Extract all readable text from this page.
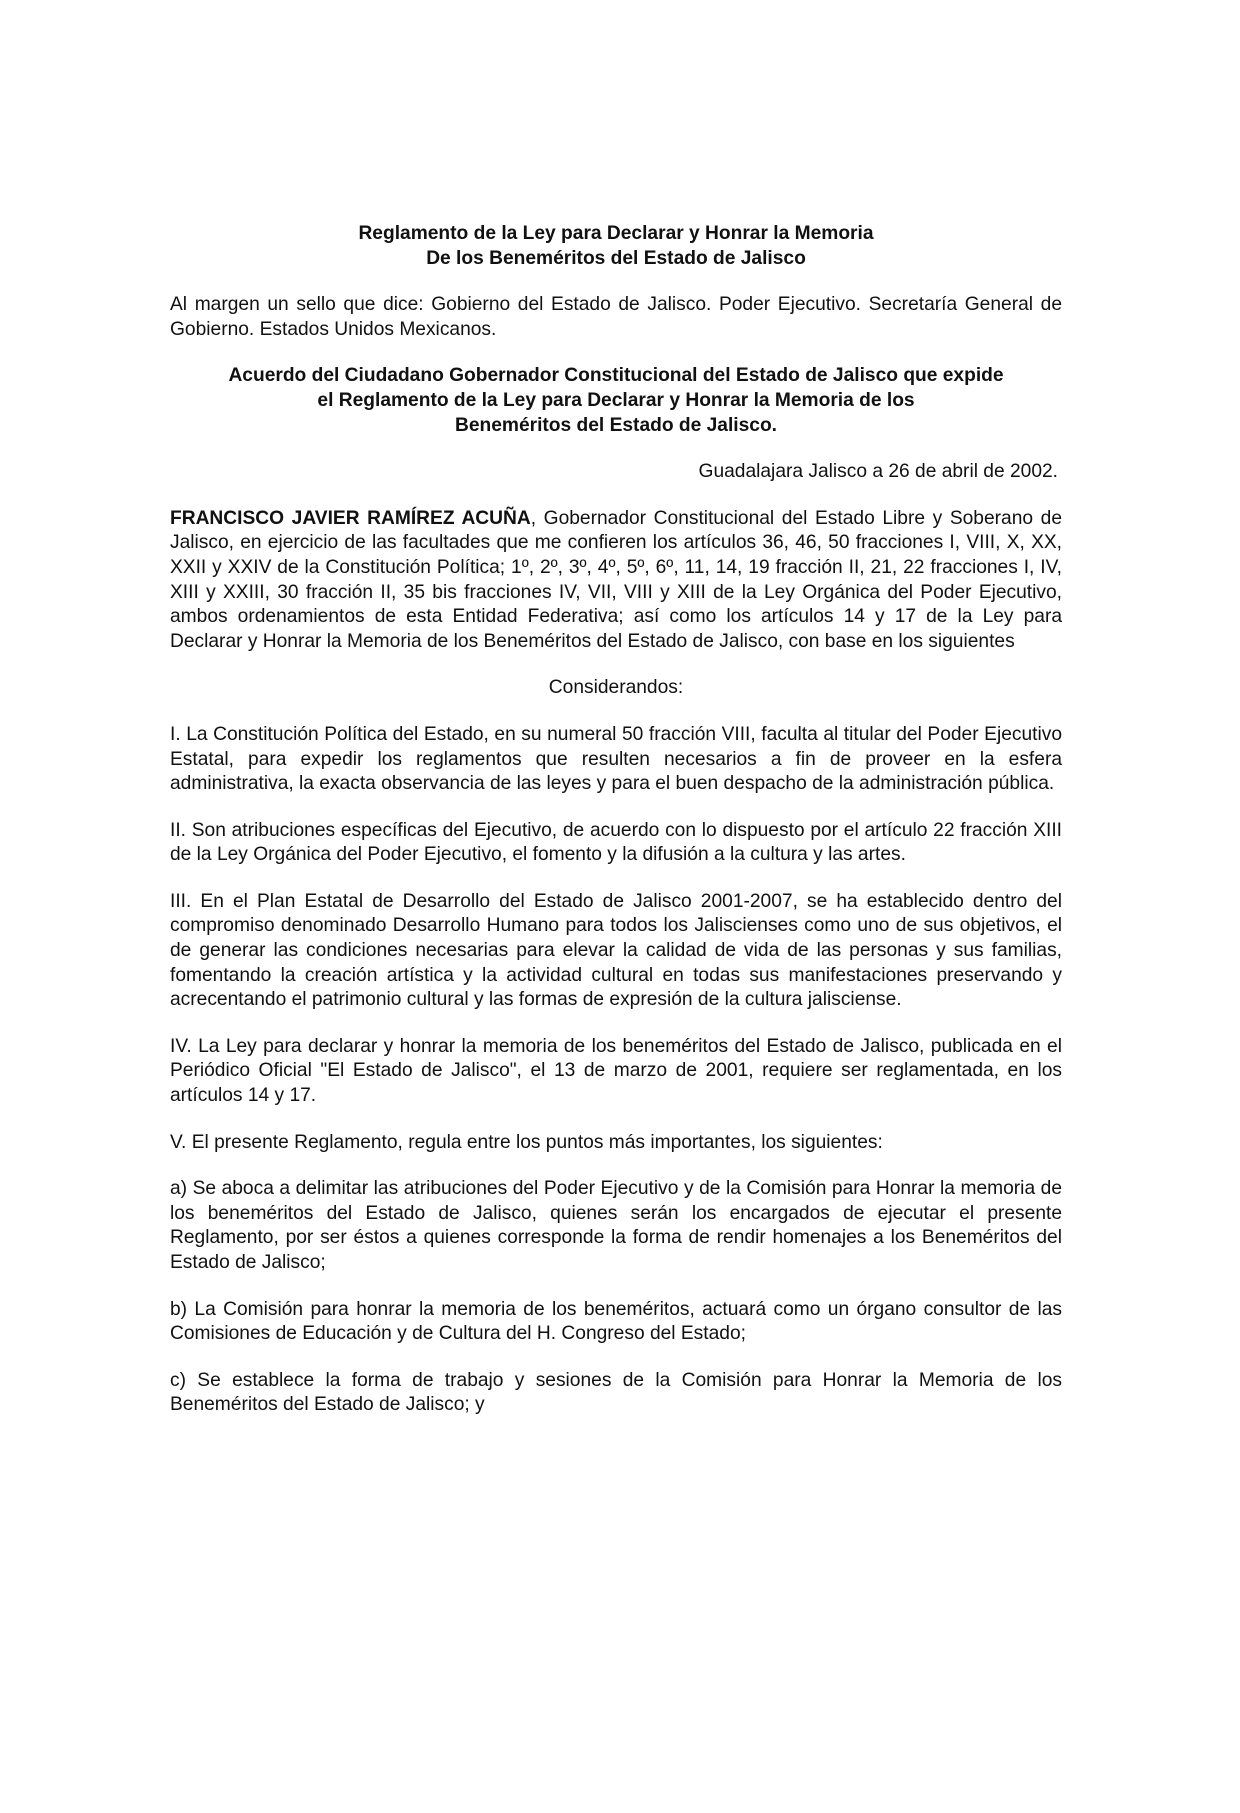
Reglamento de la Ley para Declarar y Honrar la Memoria
De los Beneméritos del Estado de Jalisco

Al margen un sello que dice: Gobierno del Estado de Jalisco. Poder Ejecutivo. Secretaría General de Gobierno. Estados Unidos Mexicanos.

Acuerdo del Ciudadano Gobernador Constitucional del Estado de Jalisco que expide
el Reglamento de la Ley para Declarar y Honrar la Memoria de los
Beneméritos del Estado de Jalisco.
Guadalajara Jalisco a 26 de abril de 2002.

FRANCISCO JAVIER RAMÍREZ ACUÑA, Gobernador Constitucional del Estado Libre y Soberano de Jalisco, en ejercicio de las facultades que me confieren los artículos 36, 46, 50 fracciones I, VIII, X, XX, XXII y XXIV de la Constitución Política; 1º, 2º, 3º, 4º, 5º, 6º, 11, 14, 19 fracción II, 21, 22 fracciones I, IV, XIII y XXIII, 30 fracción II, 35 bis fracciones IV, VII, VIII y XIII de la Ley Orgánica del Poder Ejecutivo, ambos ordenamientos de esta Entidad Federativa; así como los artículos 14 y 17 de la Ley para Declarar y Honrar la Memoria de los Beneméritos del Estado de Jalisco, con base en los siguientes

Considerandos:

I. La Constitución Política del Estado, en su numeral 50 fracción VIII, faculta al titular del Poder Ejecutivo Estatal, para expedir los reglamentos que resulten necesarios a fin de proveer en la esfera administrativa, la exacta observancia de las leyes y para el buen despacho de la administración pública.

II. Son atribuciones específicas del Ejecutivo, de acuerdo con lo dispuesto por el artículo 22 fracción XIII de la Ley Orgánica del Poder Ejecutivo, el fomento y la difusión a la cultura y las artes.

III. En el Plan Estatal de Desarrollo del Estado de Jalisco 2001-2007, se ha establecido dentro del compromiso denominado Desarrollo Humano para todos los Jaliscienses como uno de sus objetivos, el de generar las condiciones necesarias para elevar la calidad de vida de las personas y sus familias, fomentando la creación artística y la actividad cultural en todas sus manifestaciones preservando y acrecentando el patrimonio cultural y las formas de expresión de la cultura jalisciense.

IV. La Ley para declarar y honrar la memoria de los beneméritos del Estado de Jalisco, publicada en el Periódico Oficial "El Estado de Jalisco", el 13 de marzo de 2001, requiere ser reglamentada, en los artículos 14 y 17.

V. El presente Reglamento, regula entre los puntos más importantes, los siguientes:

a) Se aboca a delimitar las atribuciones del Poder Ejecutivo y de la Comisión para Honrar la memoria de los beneméritos del Estado de Jalisco, quienes serán los encargados de ejecutar el presente Reglamento, por ser éstos a quienes corresponde la forma de rendir homenajes a los Beneméritos del Estado de Jalisco;

b) La Comisión para honrar la memoria de los beneméritos, actuará como un órgano consultor de las Comisiones de Educación y de Cultura del H. Congreso del Estado;

c) Se establece la forma de trabajo y sesiones de la Comisión para Honrar la Memoria de los Beneméritos del Estado de Jalisco; y
